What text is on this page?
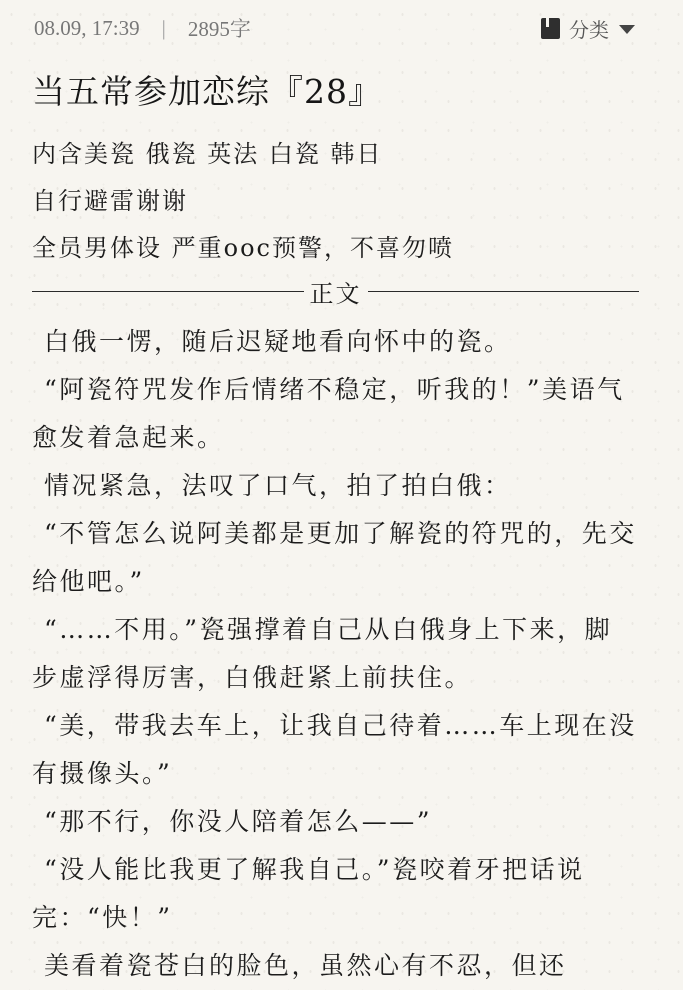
08.09, 17:39 | 2895字	分类
当五常参加恋综『28』
内含美瓷 俄瓷 英法 白瓷 韩日
自行避雷谢谢
全员男体设 严重ooc预警，不喜勿喷
正文

白俄一愣，随后迟疑地看向怀中的瓷。

“阿瓷符咒发作后情绪不稳定，听我的！”美语气愈发着急起来。

情况紧急，法叹了口气，拍了拍白俄：

“不管怎么说阿美都是更加了解瓷的符咒的，先交给他吧。”

“……不用。”瓷强撑着自己从白俄身上下来，脚步虚浮得厉害，白俄赶紧上前扶住。

“美，带我去车上，让我自己待着……车上现在没有摄像头。”

“那不行，你没人陪着怎么——”

“没人能比我更了解我自己。”瓷咬着牙把话说完：“快！”

美看着瓷苍白的脸色，虽然心有不忍，但还
